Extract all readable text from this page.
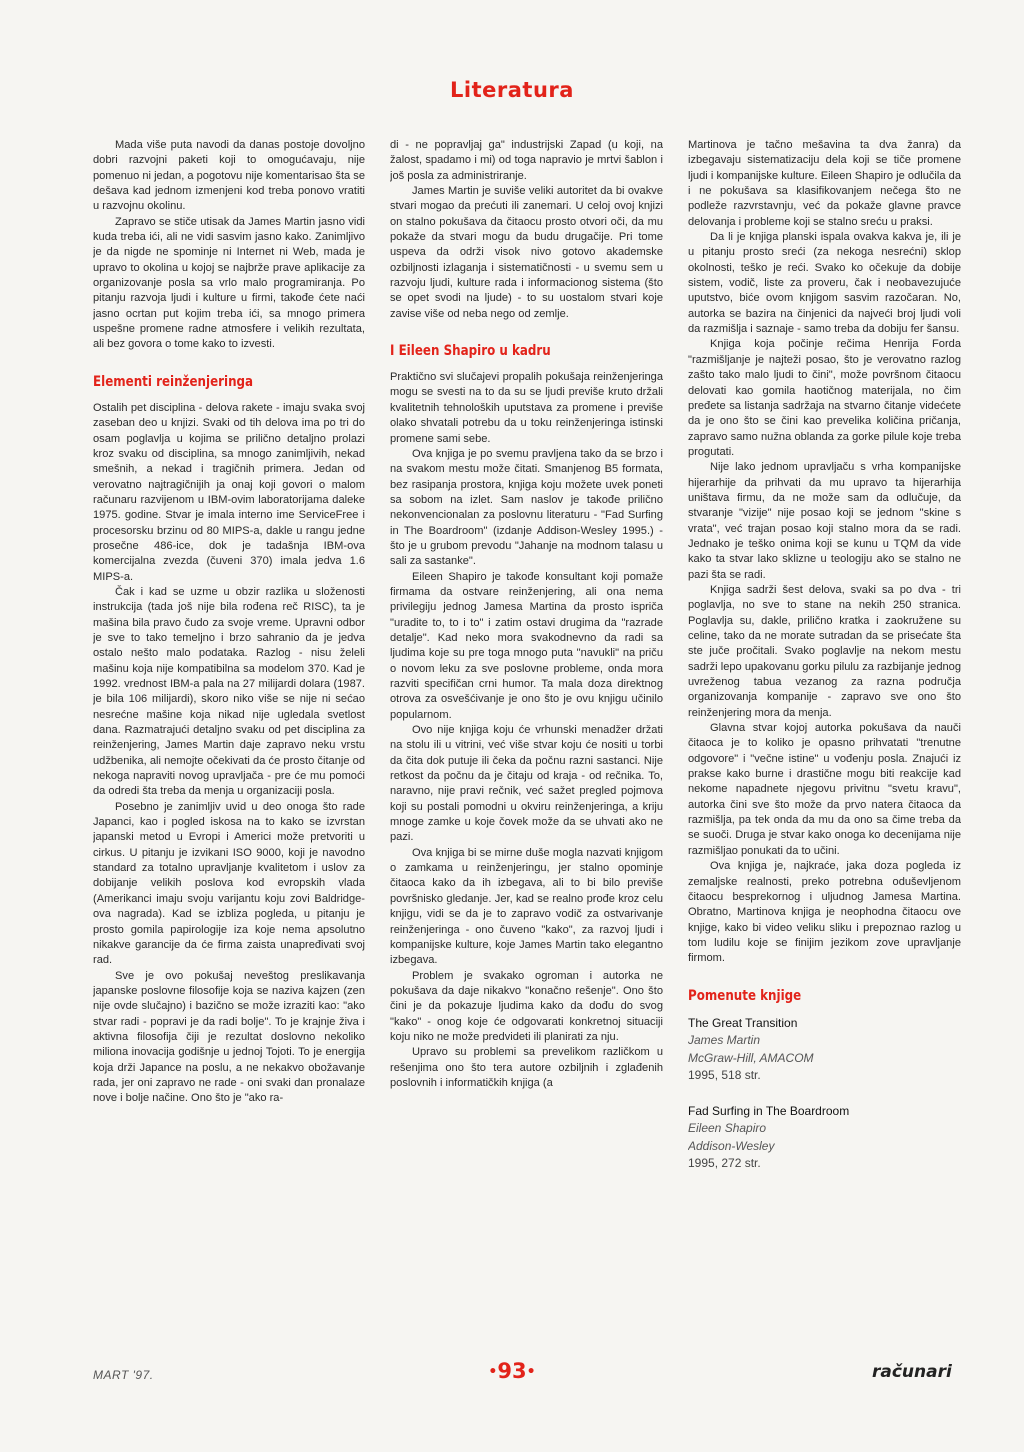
Literatura

Mada više puta navodi da danas postoje dovoljno dobri razvojni paketi koji to omogućavaju, nije pomenuo ni jedan, a pogotovu nije komentarisao šta se dešava kad jednom izmenjeni kod treba ponovo vratiti u razvojnu okolinu.

Zapravo se stiče utisak da James Martin jasno vidi kuda treba ići, ali ne vidi sasvim jasno kako. Zanimljivo je da nigde ne spominje ni Internet ni Web, mada je upravo to okolina u kojoj se najbrže prave aplikacije za organizovanje posla sa vrlo malo programiranja. Po pitanju razvoja ljudi i kulture u firmi, takođe ćete naći jasno ocrtan put kojim treba ići, sa mnogo primera uspešne promene radne atmosfere i velikih rezultata, ali bez govora o tome kako to izvesti.

Elementi reinženjeringa

Ostalih pet disciplina - delova rakete - imaju svaka svoj zaseban deo u knjizi. Svaki od tih delova ima po tri do osam poglavlja u kojima se prilično detaljno prolazi kroz svaku od disciplina, sa mnogo zanimljivih, nekad smešnih, a nekad i tragičnih primera. Jedan od verovatno najtragičnijih ja onaj koji govori o malom računaru razvijenom u IBM-ovim laboratorijama daleke 1975. godine. Stvar je imala interno ime ServiceFree i procesorsku brzinu od 80 MIPS-a, dakle u rangu jedne prosečne 486-ice, dok je tadašnja IBM-ova komercijalna zvezda (čuveni 370) imala jedva 1.6 MIPS-a.

Čak i kad se uzme u obzir razlika u složenosti instrukcija (tada još nije bila rođena reč RISC), ta je mašina bila pravo čudo za svoje vreme. Upravni odbor je sve to tako temeljno i brzo sahranio da je jedva ostalo nešto malo podataka. Razlog - nisu želeli mašinu koja nije kompatibilna sa modelom 370. Kad je 1992. vrednost IBM-a pala na 27 milijardi dolara (1987. je bila 106 milijardi), skoro niko više se nije ni sećao nesrećne mašine koja nikad nije ugledala svetlost dana. Razmatrajući detaljno svaku od pet disciplina za reinženjering, James Martin daje zapravo neku vrstu udžbenika, ali nemojte očekivati da će prosto čitanje od nekoga napraviti novog upravljača - pre će mu pomoći da odredi šta treba da menja u organizaciji posla.

Posebno je zanimljiv uvid u deo onoga što rade Japanci, kao i pogled iskosa na to kako se izvrstan japanski metod u Evropi i Americi može pretvoriti u cirkus. U pitanju je izvikani ISO 9000, koji je navodno standard za totalno upravljanje kvalitetom i uslov za dobijanje velikih poslova kod evropskih vlada (Amerikanci imaju svoju varijantu koju zovi Baldridge-ova nagrada). Kad se izbliza pogleda, u pitanju je prosto gomila papirologije iza koje nema apsolutno nikakve garancije da će firma zaista unapređivati svoj rad.

Sve je ovo pokušaj neveštog preslikavanja japanske poslovne filosofije koja se naziva kajzen (zen nije ovde slučajno) i bazično se može izraziti kao: "ako stvar radi - popravi je da radi bolje". To je krajnje živa i aktivna filosofija čiji je rezultat doslovno nekoliko miliona inovacija godišnje u jednoj Tojoti. To je energija koja drži Japance na poslu, a ne nekakvo obožavanje rada, jer oni zapravo ne rade - oni svaki dan pronalaze nove i bolje načine. Ono što je "ako ra-

di - ne popravljaj ga" industrijski Zapad (u koji, na žalost, spadamo i mi) od toga napravio je mrtvi šablon i još posla za administriranje.

James Martin je suviše veliki autoritet da bi ovakve stvari mogao da prećuti ili zanemari. U celoj ovoj knjizi on stalno pokušava da čitaocu prosto otvori oči, da mu pokaže da stvari mogu da budu drugačije. Pri tome uspeva da održi visok nivo gotovo akademske ozbiljnosti izlaganja i sistematičnosti - u svemu sem u razvoju ljudi, kulture rada i informacionog sistema (što se opet svodi na ljude) - to su uostalom stvari koje zavise više od neba nego od zemlje.

I Eileen Shapiro u kadru

Praktično svi slučajevi propalih pokušaja reinženjeringa mogu se svesti na to da su se ljudi previše kruto držali kvalitetnih tehnoloških uputstava za promene i previše olako shvatali potrebu da u toku reinženjeringa istinski promene sami sebe.

Ova knjiga je po svemu pravljena tako da se brzo i na svakom mestu može čitati. Smanjenog B5 formata, bez rasipanja prostora, knjiga koju možete uvek poneti sa sobom na izlet. Sam naslov je takođe prilično nekonvencionalan za poslovnu literaturu - "Fad Surfing in The Boardroom" (izdanje Addison-Wesley 1995.) - što je u grubom prevodu "Jahanje na modnom talasu u sali za sastanke".

Eileen Shapiro je takođe konsultant koji pomaže firmama da ostvare reinženjering, ali ona nema privilegiju jednog Jamesa Martina da prosto ispriča "uradite to, to i to" i zatim ostavi drugima da "razrade detalje". Kad neko mora svakodnevno da radi sa ljudima koje su pre toga mnogo puta "navukli" na priču o novom leku za sve poslovne probleme, onda mora razviti specifičan crni humor. Ta mala doza direktnog otrova za osvešćivanje je ono što je ovu knjigu učinilo popularnom.

Ovo nije knjiga koju će vrhunski menadžer držati na stolu ili u vitrini, već više stvar koju će nositi u torbi da čita dok putuje ili čeka da počnu razni sastanci. Nije retkost da počnu da je čitaju od kraja - od rečnika. To, naravno, nije pravi rečnik, već sažet pregled pojmova koji su postali pomodni u okviru reinženjeringa, a kriju mnoge zamke u koje čovek može da se uhvati ako ne pazi.

Ova knjiga bi se mirne duše mogla nazvati knjigom o zamkama u reinženjeringu, jer stalno opominje čitaoca kako da ih izbegava, ali to bi bilo previše površnisko gledanje. Jer, kad se realno prođe kroz celu knjigu, vidi se da je to zapravo vodič za ostvarivanje reinženjeringa - ono čuveno "kako", za razvoj ljudi i kompanijske kulture, koje James Martin tako elegantno izbegava.

Problem je svakako ogroman i autorka ne pokušava da daje nikakvo "konačno rešenje". Ono što čini je da pokazuje ljudima kako da dođu do svog "kako" - onog koje će odgovarati konkretnoj situaciji koju niko ne može predvideti ili planirati za nju.

Upravo su problemi sa prevelikom različkom u rešenjima ono što tera autore ozbiljnih i zglađenih poslovnih i informatičkih knjiga (a

Martinova je tačno mešavina ta dva žanra) da izbegavaju sistematizaciju dela koji se tiče promene ljudi i kompanijske kulture. Eileen Shapiro je odlučila da i ne pokušava sa klasifikovanjem nečega što ne podleže razvrstavnju, već da pokaže glavne pravce delovanja i probleme koji se stalno sreću u praksi.

Da li je knjiga planski ispala ovakva kakva je, ili je u pitanju prosto sreći (za nekoga nesrećni) sklop okolnosti, teško je reći. Svako ko očekuje da dobije sistem, vodič, liste za proveru, čak i neobavezujuće uputstvo, biće ovom knjigom sasvim razočaran. No, autorka se bazira na činjenici da najveći broj ljudi voli da razmišlja i saznaje - samo treba da dobiju fer šansu.

Knjiga koja počinje rečima Henrija Forda "razmišljanje je najteži posao, što je verovatno razlog zašto tako malo ljudi to čini", može površnom čitaocu delovati kao gomila haotičnog materijala, no čim pređete sa listanja sadržaja na stvarno čitanje videćete da je ono što se čini kao prevelika količina pričanja, zapravo samo nužna oblanda za gorke pilule koje treba progutati.

Nije lako jednom upravljaču s vrha kompanijske hijerarhije da prihvati da mu upravo ta hijerarhija uništava firmu, da ne može sam da odlučuje, da stvaranje "vizije" nije posao koji se jednom "skine s vrata", već trajan posao koji stalno mora da se radi. Jednako je teško onima koji se kunu u TQM da vide kako ta stvar lako sklizne u teologiju ako se stalno ne pazi šta se radi.

Knjiga sadrži šest delova, svaki sa po dva - tri poglavlja, no sve to stane na nekih 250 stranica. Poglavlja su, dakle, prilično kratka i zaokružene su celine, tako da ne morate sutradan da se prisećate šta ste juče pročitali. Svako poglavlje na nekom mestu sadrži lepo upakovanu gorku pilulu za razbijanje jednog uvreženog tabua vezanog za razna područja organizovanja kompanije - zapravo sve ono što reinženjering mora da menja.

Glavna stvar kojoj autorka pokušava da nauči čitaoca je to koliko je opasno prihvatati "trenutne odgovore" i "večne istine" u vođenju posla. Znajući iz prakse kako burne i drastične mogu biti reakcije kad nekome napadnete njegovu privitnu "svetu kravu", autorka čini sve što može da prvo natera čitaoca da razmišlja, pa tek onda da mu da ono sa čime treba da se suoči. Druga je stvar kako onoga ko decenijama nije razmišljao ponukati da to učini.

Ova knjiga je, najkraće, jaka doza pogleda iz zemaljske realnosti, preko potrebna oduševljenom čitaocu besprekornog i uljudnog Jamesa Martina. Obratno, Martinova knjiga je neophodna čitaocu ove knjige, kako bi video veliku sliku i prepoznao razlog u tom ludilu koje se finijim jezikom zove upravljanje firmom.

Pomenute knjige
The Great Transition
James Martin
McGraw-Hill, AMACOM
1995, 518 str.
Fad Surfing in The Boardroom
Eileen Shapiro
Addison-Wesley
1995, 272 str.
MART '97.	•93•	računari
